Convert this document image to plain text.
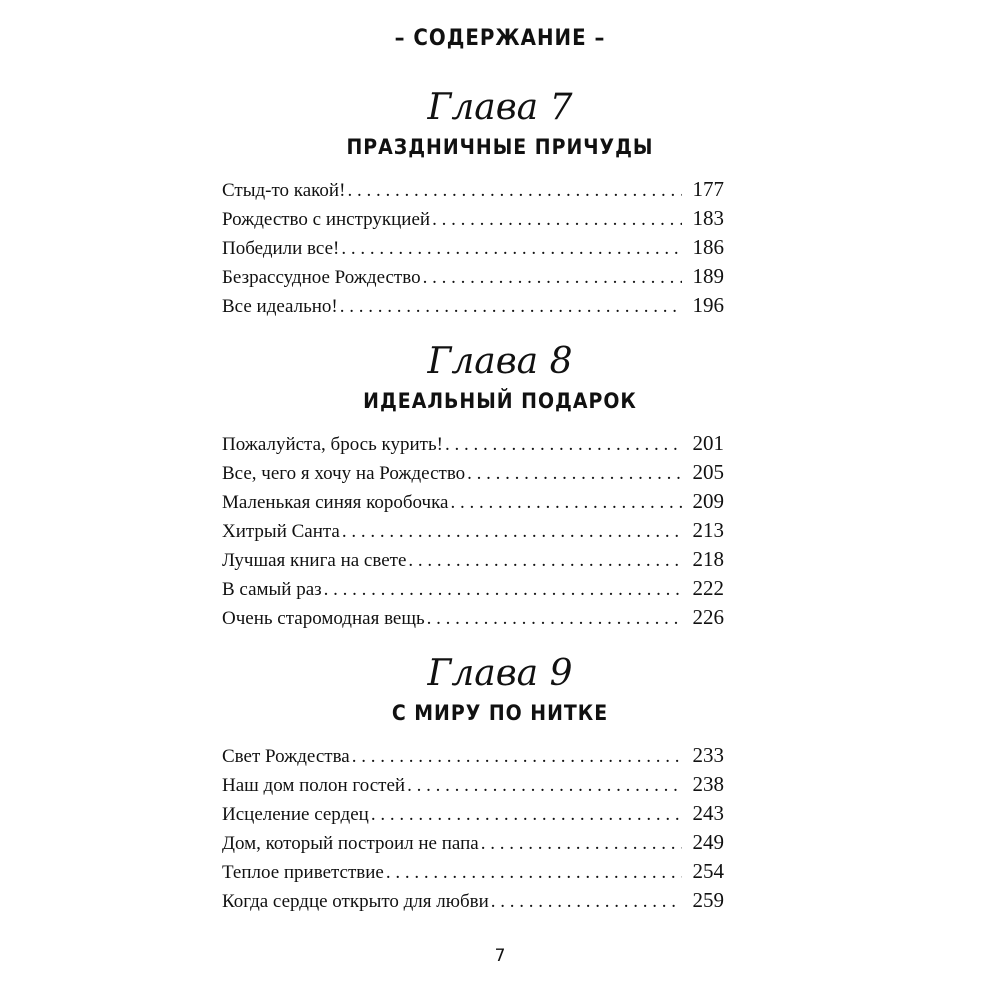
– СОДЕРЖАНИЕ –
Глава 7
ПРАЗДНИЧНЫЕ ПРИЧУДЫ
Стыд-то какой! . . .	177
Рождество с инструкцией . . .	183
Победили все! . . .	186
Безрассудное Рождество . . .	189
Все идеально! . . .	196
Глава 8
ИДЕАЛЬНЫЙ ПОДАРОК
Пожалуйста, брось курить! . . .	201
Все, чего я хочу на Рождество . . .	205
Маленькая синяя коробочка . . .	209
Хитрый Санта . . .	213
Лучшая книга на свете . . .	218
В самый раз . . .	222
Очень старомодная вещь . . .	226
Глава 9
С МИРУ ПО НИТКЕ
Свет Рождества . . .	233
Наш дом полон гостей . . .	238
Исцеление сердец . . .	243
Дом, который построил не папа . . .	249
Теплое приветствие . . .	254
Когда сердце открыто для любви . . .	259
7
